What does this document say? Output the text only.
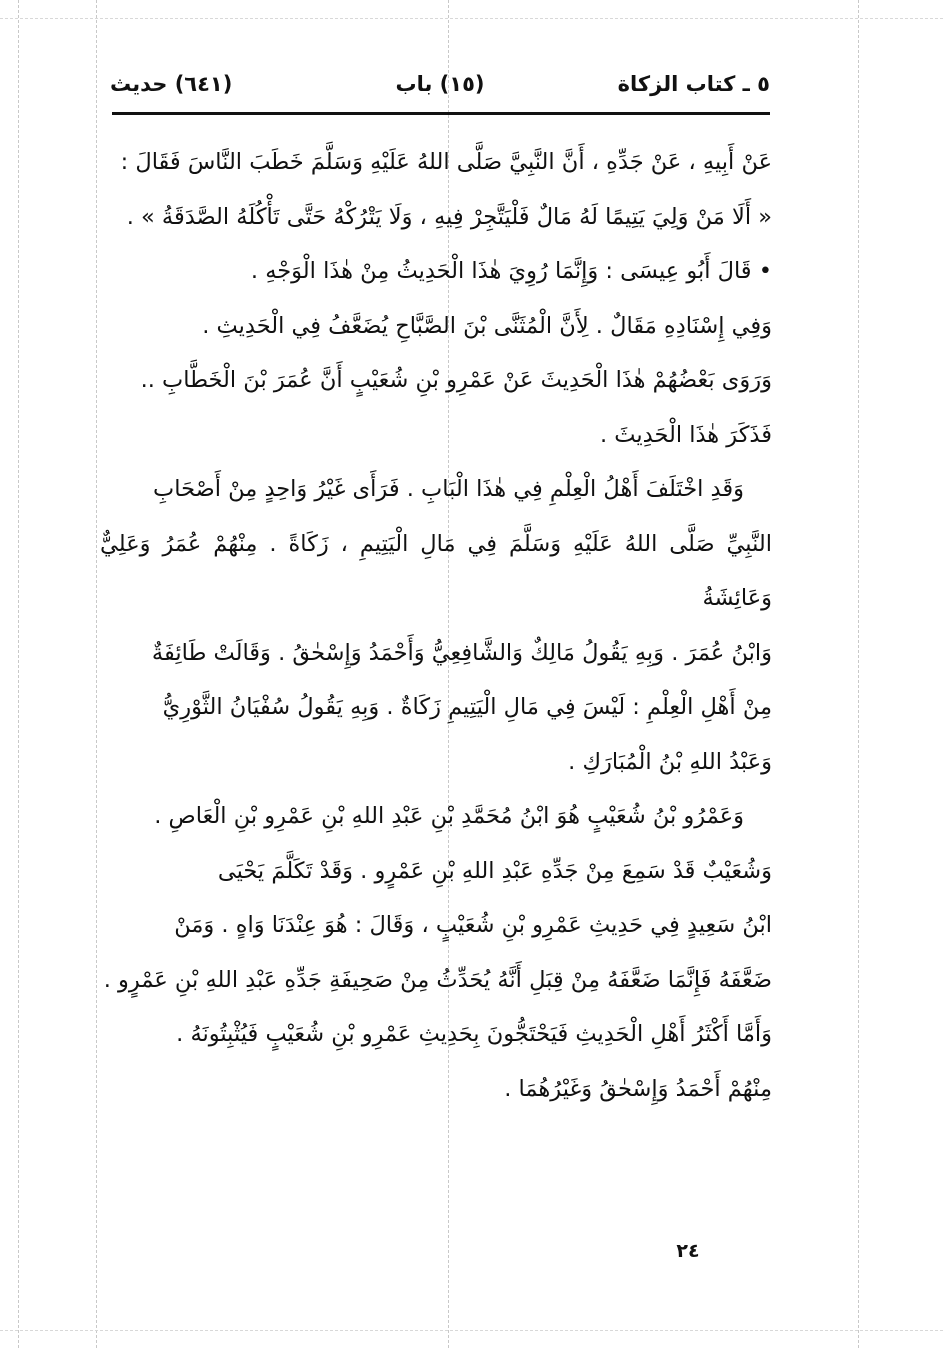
٥ ـ كتاب الزكاة
(١٥) باب
(٦٤١) حديث

عَنْ أَبِيهِ ، عَنْ جَدِّهِ ، أَنَّ النَّبِيَّ صَلَّى اللهُ عَلَيْهِ وَسَلَّمَ خَطَبَ النَّاسَ فَقَالَ :

« أَلَا مَنْ وَلِيَ يَتِيمًا لَهُ مَالٌ فَلْيَتَّجِرْ فِيهِ ، وَلَا يَتْرُكْهُ حَتَّى تَأْكُلَهُ الصَّدَقَةُ » .

• قَالَ أَبُو عِيسَى : وَإِنَّمَا رُوِيَ هٰذَا الْحَدِيثُ مِنْ هٰذَا الْوَجْهِ .

وَفِي إِسْنَادِهِ مَقَالٌ . لِأَنَّ الْمُثَنَّى بْنَ الصَّبَّاحِ يُضَعَّفُ فِي الْحَدِيثِ .

وَرَوَى بَعْضُهُمْ هٰذَا الْحَدِيثَ عَنْ عَمْرِو بْنِ شُعَيْبٍ أَنَّ عُمَرَ بْنَ الْخَطَّابِ ..

فَذَكَرَ هٰذَا الْحَدِيثَ .

وَقَدِ اخْتَلَفَ أَهْلُ الْعِلْمِ فِي هٰذَا الْبَابِ . فَرَأَى غَيْرُ وَاحِدٍ مِنْ أَصْحَابِ

النَّبِيِّ صَلَّى اللهُ عَلَيْهِ وَسَلَّمَ فِي مَالِ الْيَتِيمِ ، زَكَاةً . مِنْهُمْ عُمَرُ وَعَلِيٌّ وَعَائِشَةُ

وَابْنُ عُمَرَ . وَبِهِ يَقُولُ مَالِكٌ وَالشَّافِعِيُّ وَأَحْمَدُ وَإِسْحٰقُ . وَقَالَتْ طَائِفَةٌ

مِنْ أَهْلِ الْعِلْمِ : لَيْسَ فِي مَالِ الْيَتِيمِ زَكَاةٌ . وَبِهِ يَقُولُ سُفْيَانُ الثَّوْرِيُّ

وَعَبْدُ اللهِ بْنُ الْمُبَارَكِ .

وَعَمْرُو بْنُ شُعَيْبٍ هُوَ ابْنُ مُحَمَّدِ بْنِ عَبْدِ اللهِ بْنِ عَمْرِو بْنِ الْعَاصِ .

وَشُعَيْبٌ قَدْ سَمِعَ مِنْ جَدِّهِ عَبْدِ اللهِ بْنِ عَمْرٍو . وَقَدْ تَكَلَّمَ يَحْيَى

ابْنُ سَعِيدٍ فِي حَدِيثِ عَمْرِو بْنِ شُعَيْبٍ ، وَقَالَ : هُوَ عِنْدَنَا وَاهٍ . وَمَنْ

ضَعَّفَهُ فَإِنَّمَا ضَعَّفَهُ مِنْ قِبَلِ أَنَّهُ يُحَدِّثُ مِنْ صَحِيفَةِ جَدِّهِ عَبْدِ اللهِ بْنِ عَمْرٍو .

وَأَمَّا أَكْثَرُ أَهْلِ الْحَدِيثِ فَيَحْتَجُّونَ بِحَدِيثِ عَمْرِو بْنِ شُعَيْبٍ فَيُثْبِتُونَهُ .

مِنْهُمْ أَحْمَدُ وَإِسْحٰقُ وَغَيْرُهُمَا .

٢٤
